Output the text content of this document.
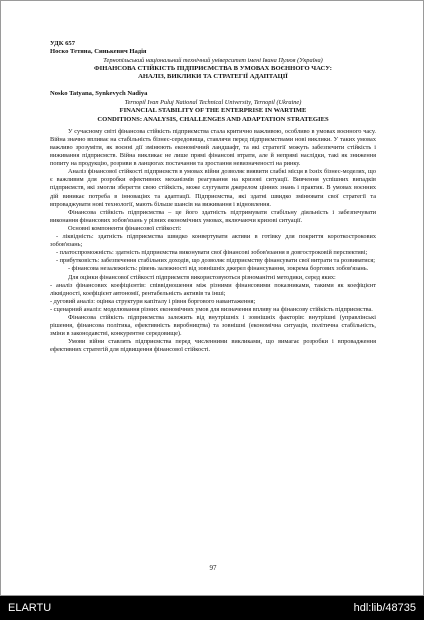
УДК 657
Носко Тетяна, Синькевич Надія
Тернопільський національний технічний університет імені Івана Пулюя (Україна)
ФІНАНСОВА СТІЙКІСТЬ ПІДПРИЄМСТВА В УМОВАХ ВОЄННОГО ЧАСУ:
АНАЛІЗ, ВИКЛИКИ ТА СТРАТЕГІЇ АДАПТАЦІЇ
Nosko Tatyana, Synkevych Nadiya
Ternopil Ivan Puluj National Technical University, Ternopil (Ukraine)
FINANCIAL STABILITY OF THE ENTERPRISE IN WARTIME
CONDITIONS: ANALYSIS, CHALLENGES AND ADAPTATION STRATEGIES

У сучасному світі фінансова стійкість підприємства стала критично важливою, особливо в умовах воєнного часу. Війна значно впливає на стабільність бізнес-середовища, ставлячи перед підприємствами нові виклики. У таких умовах важливо зрозуміти, як воєнні дії змінюють економічний ландшафт, та які стратегії можуть забезпечити стійкість і виживання підприємств. Війна викликає не лише прямі фінансові втрати, але й непрямі наслідки, такі як зниження попиту на продукцію, розриви в ланцюгах постачання та зростання невизначеності на ринку.

Аналіз фінансової стійкості підприємств в умовах війни дозволяє виявити слабкі місця в їхніх бізнес-моделях, що є важливим для розробки ефективних механізмів реагування на кризові ситуації. Вивчення успішних випадків підприємств, які змогли зберегти свою стійкість, може слугувати джерелом цінних знань і практик. В умовах воєнних дій виникає потреба в інноваціях та адаптації. Підприємства, які здатні швидко змінювати свої стратегії та впроваджувати нові технології, мають більше шансів на виживання і відновлення.

Фінансова стійкість підприємства – це його здатність підтримувати стабільну діяльність і забезпечувати виконання фінансових зобов'язань у різних економічних умовах, включаючи кризові ситуації.

Основні компоненти фінансової стійкості:

- ліквідність: здатність підприємства швидко конвертувати активи в готівку для покриття короткострокових зобов'язань;

- платоспроможність: здатність підприємства виконувати свої фінансові зобов'язання в довгостроковій перспективі;

- прибутковість: забезпечення стабільних доходів, що дозволяє підприємству фінансувати свої витрати та розвиватися;

- фінансова незалежність: рівень залежності від зовнішніх джерел фінансування, зокрема боргових зобов'язань.

Для оцінки фінансової стійкості підприємств використовуються різноманітні методики, серед яких:

- аналіз фінансових коефіцієнтів: співвідношення між різними фінансовими показниками, такими як коефіцієнт ліквідності, коефіцієнт автономії, рентабельність активів та інші;

- дуговий аналіз: оцінка структури капіталу і рівня боргового навантаження;

- сценарний аналіз: моделювання різних економічних умов для визначення впливу на фінансову стійкість підприємства.

Фінансова стійкість підприємства залежить від внутрішніх і зовнішніх факторів: внутрішні (управлінські рішення, фінансова політика, ефективність виробництва) та зовнішні (економічна ситуація, політична стабільність, зміни в законодавстві, конкурентне середовище).

Умови війни ставлять підприємства перед численними викликами, що вимагає розробки і впровадження ефективних стратегій для підвищення фінансової стійкості.

97
ELARTU	hdl:lib/48735
